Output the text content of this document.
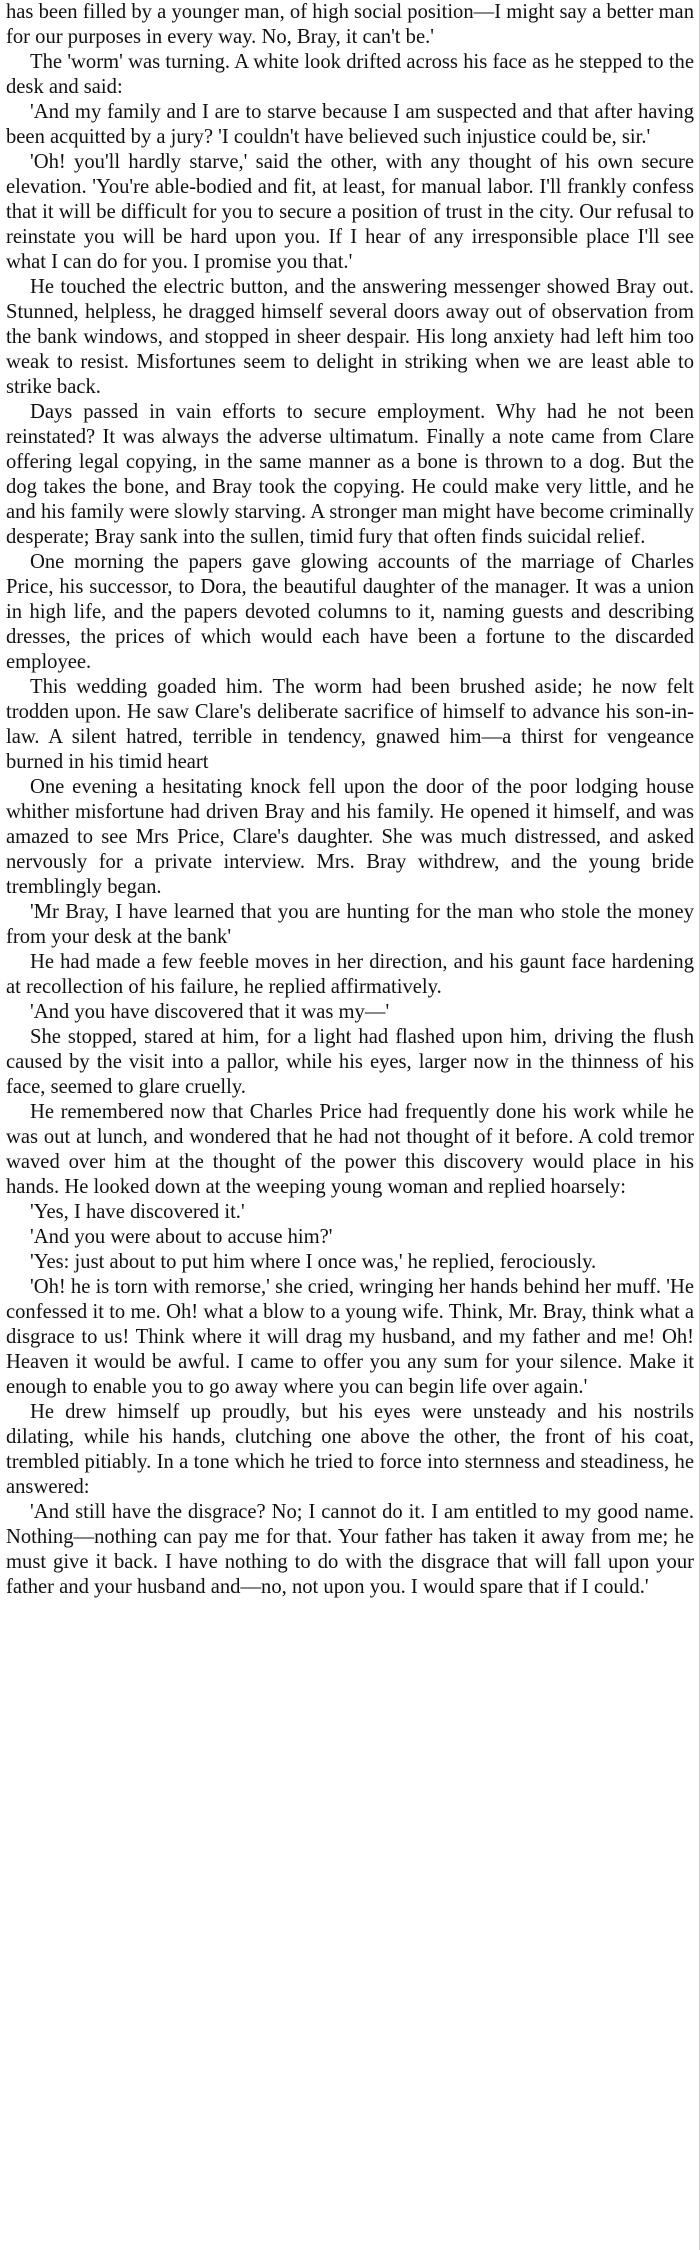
has been filled by a younger man, of high social position—I might say a better man for our purposes in every way. No, Bray, it can't be.'

The 'worm' was turning. A white look drifted across his face as he stepped to the desk and said:

'And my family and I are to starve because I am suspected and that after having been acquitted by a jury? 'I couldn't have believed such injustice could be, sir.'

'Oh! you'll hardly starve,' said the other, with any thought of his own secure elevation. 'You're able-bodied and fit, at least, for manual labor. I'll frankly confess that it will be difficult for you to secure a position of trust in the city. Our refusal to reinstate you will be hard upon you. If I hear of any irresponsible place I'll see what I can do for you. I promise you that.'

He touched the electric button, and the answering messenger showed Bray out. Stunned, helpless, he dragged himself several doors away out of observation from the bank windows, and stopped in sheer despair. His long anxiety had left him too weak to resist. Misfortunes seem to delight in striking when we are least able to strike back.

Days passed in vain efforts to secure employment. Why had he not been reinstated? It was always the adverse ultimatum. Finally a note came from Clare offering legal copying, in the same manner as a bone is thrown to a dog. But the dog takes the bone, and Bray took the copying. He could make very little, and he and his family were slowly starving. A stronger man might have become criminally desperate; Bray sank into the sullen, timid fury that often finds suicidal relief.

One morning the papers gave glowing accounts of the marriage of Charles Price, his successor, to Dora, the beautiful daughter of the manager. It was a union in high life, and the papers devoted columns to it, naming guests and describing dresses, the prices of which would each have been a fortune to the discarded employee.

This wedding goaded him. The worm had been brushed aside; he now felt trodden upon. He saw Clare's deliberate sacrifice of himself to advance his son-in-law. A silent hatred, terrible in tendency, gnawed him—a thirst for vengeance burned in his timid heart

One evening a hesitating knock fell upon the door of the poor lodging house whither misfortune had driven Bray and his family. He opened it himself, and was amazed to see Mrs Price, Clare's daughter. She was much distressed, and asked nervously for a private interview. Mrs. Bray withdrew, and the young bride tremblingly began.

'Mr Bray, I have learned that you are hunting for the man who stole the money from your desk at the bank'

He had made a few feeble moves in her direction, and his gaunt face hardening at recollection of his failure, he replied affirmatively.

'And you have discovered that it was my—'

She stopped, stared at him, for a light had flashed upon him, driving the flush caused by the visit into a pallor, while his eyes, larger now in the thinness of his face, seemed to glare cruelly.

He remembered now that Charles Price had frequently done his work while he was out at lunch, and wondered that he had not thought of it before. A cold tremor waved over him at the thought of the power this discovery would place in his hands. He looked down at the weeping young woman and replied hoarsely:

'Yes, I have discovered it.'

'And you were about to accuse him?'

'Yes: just about to put him where I once was,' he replied, ferociously.

'Oh! he is torn with remorse,' she cried, wringing her hands behind her muff. 'He confessed it to me. Oh! what a blow to a young wife. Think, Mr. Bray, think what a disgrace to us! Think where it will drag my husband, and my father and me! Oh! Heaven it would be awful. I came to offer you any sum for your silence. Make it enough to enable you to go away where you can begin life over again.'

He drew himself up proudly, but his eyes were unsteady and his nostrils dilating, while his hands, clutching one above the other, the front of his coat, trembled pitiably. In a tone which he tried to force into sternness and steadiness, he answered:

'And still have the disgrace? No; I cannot do it. I am entitled to my good name. Nothing—nothing can pay me for that. Your father has taken it away from me; he must give it back. I have nothing to do with the disgrace that will fall upon your father and your husband and—no, not upon you. I would spare that if I could.'
